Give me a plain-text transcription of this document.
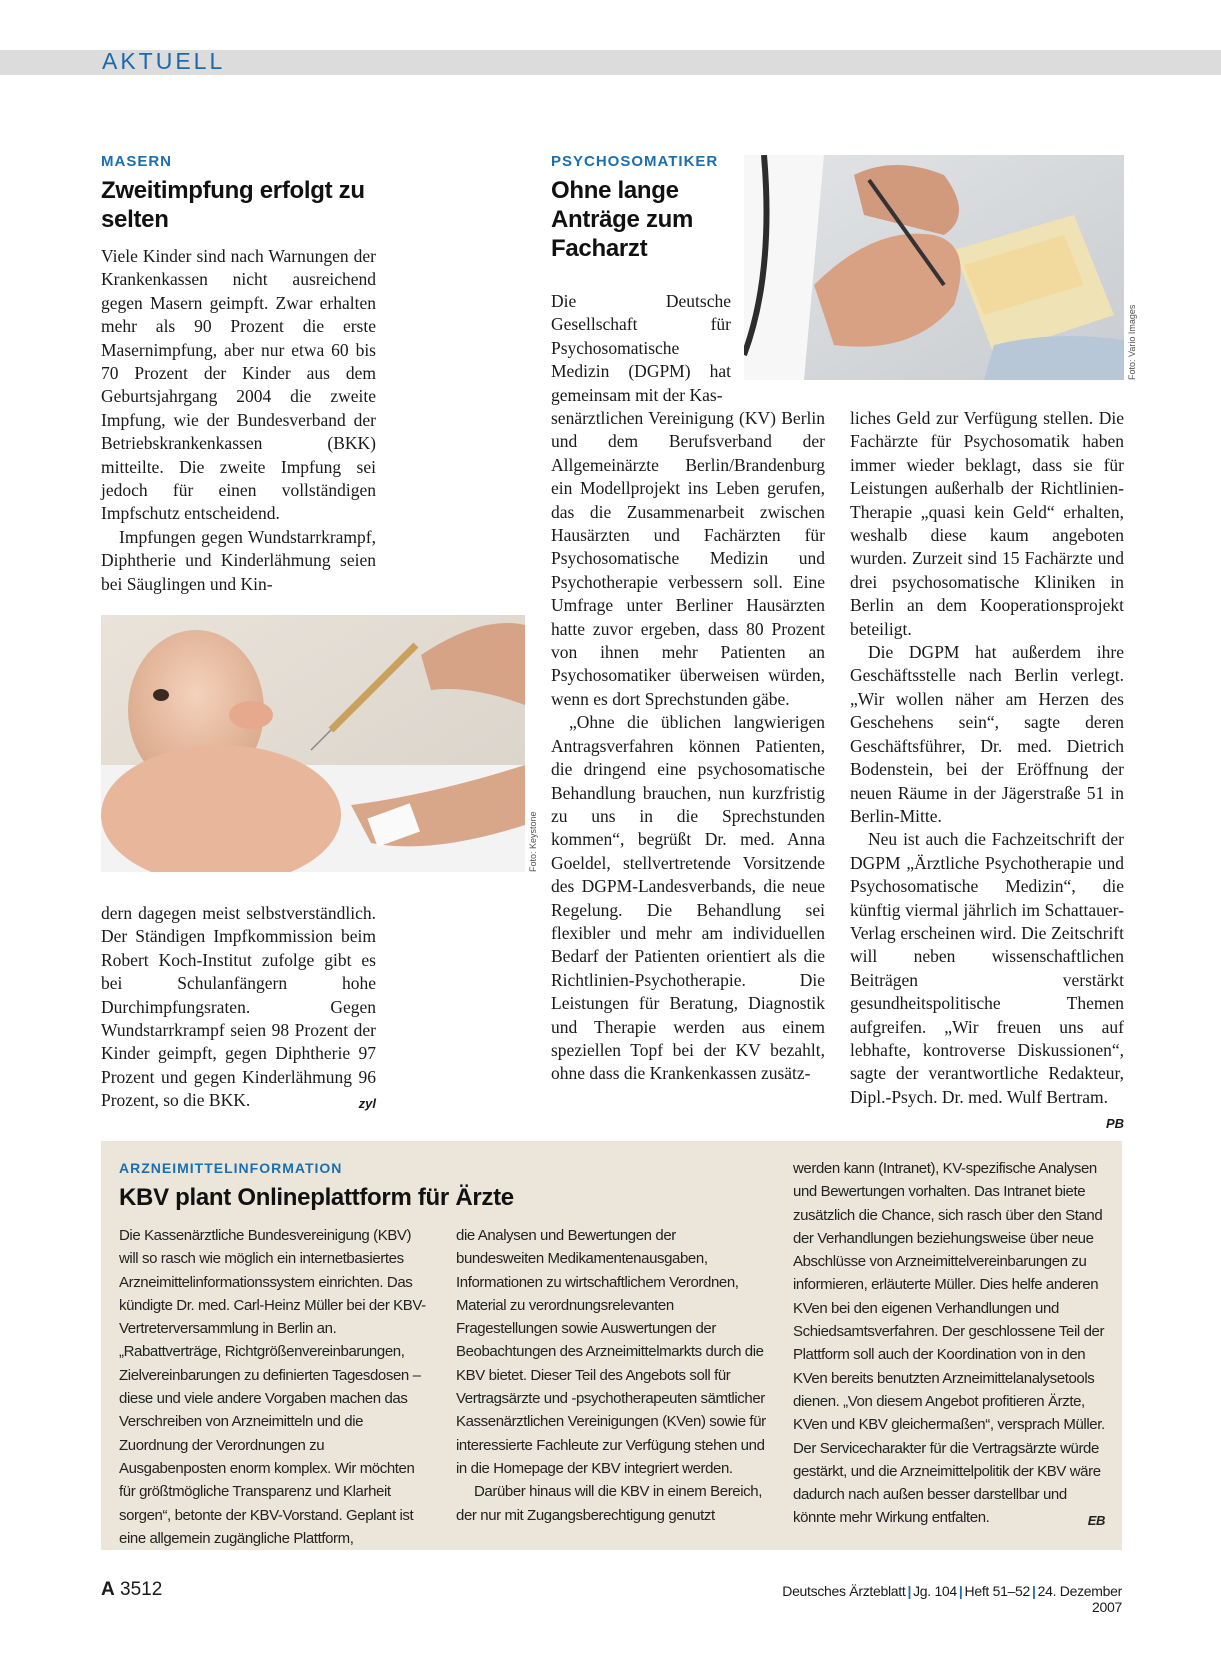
AKTUELL
MASERN
Zweitimpfung erfolgt zu selten

Viele Kinder sind nach Warnungen der Krankenkassen nicht ausreichend gegen Masern geimpft. Zwar erhalten mehr als 90 Prozent die erste Masernimpfung, aber nur etwa 60 bis 70 Prozent der Kinder aus dem Geburtsjahrgang 2004 die zweite Impfung, wie der Bundesverband der Betriebskrankenkassen (BKK) mitteilte. Die zweite Impfung sei jedoch für einen vollständigen Impfschutz entscheidend.

Impfungen gegen Wundstarrkrampf, Diphtherie und Kinderlähmung seien bei Säuglingen und Kin-

Foto: Keystone

dern dagegen meist selbstverständlich. Der Ständigen Impfkommission beim Robert Koch-Institut zufolge gibt es bei Schulanfängern hohe Durchimpfungsraten. Gegen Wundstarrkrampf seien 98 Prozent der Kinder geimpft, gegen Diphtherie 97 Prozent und gegen Kinderlähmung 96 Prozent, so die BKK.	zyl

PSYCHOSOMATIKER
Ohne lange Anträge zum Facharzt
Foto: Vario Images

Die Deutsche Gesellschaft für Psychosomatische Medizin (DGPM) hat gemeinsam mit der Kas-

senärztlichen Vereinigung (KV) Berlin und dem Berufsverband der Allgemeinärzte Berlin/Brandenburg ein Modellprojekt ins Leben gerufen, das die Zusammenarbeit zwischen Hausärzten und Fachärzten für Psychosomatische Medizin und Psychotherapie verbessern soll. Eine Umfrage unter Berliner Hausärzten hatte zuvor ergeben, dass 80 Prozent von ihnen mehr Patienten an Psychosomatiker überweisen würden, wenn es dort Sprechstunden gäbe.

„Ohne die üblichen langwierigen Antragsverfahren können Patienten, die dringend eine psychosomatische Behandlung brauchen, nun kurzfristig zu uns in die Sprechstunden kommen“, begrüßt Dr. med. Anna Goeldel, stellvertretende Vorsitzende des DGPM-Landesverbands, die neue Regelung. Die Behandlung sei flexibler und mehr am individuellen Bedarf der Patienten orientiert als die Richtlinien-Psychotherapie. Die Leistungen für Beratung, Diagnostik und Therapie werden aus einem speziellen Topf bei der KV bezahlt, ohne dass die Krankenkassen zusätz-

liches Geld zur Verfügung stellen. Die Fachärzte für Psychosomatik haben immer wieder beklagt, dass sie für Leistungen außerhalb der Richtlinien-Therapie „quasi kein Geld“ erhalten, weshalb diese kaum angeboten wurden. Zurzeit sind 15 Fachärzte und drei psychosomatische Kliniken in Berlin an dem Kooperationsprojekt beteiligt.

Die DGPM hat außerdem ihre Geschäftsstelle nach Berlin verlegt. „Wir wollen näher am Herzen des Geschehens sein“, sagte deren Geschäftsführer, Dr. med. Dietrich Bodenstein, bei der Eröffnung der neuen Räume in der Jägerstraße 51 in Berlin-Mitte.

Neu ist auch die Fachzeitschrift der DGPM „Ärztliche Psychotherapie und Psychosomatische Medizin“, die künftig viermal jährlich im Schattauer-Verlag erscheinen wird. Die Zeitschrift will neben wissenschaftlichen Beiträgen verstärkt gesundheitspolitische Themen aufgreifen. „Wir freuen uns auf lebhafte, kontroverse Diskussionen“, sagte der verantwortliche Redakteur, Dipl.-Psych. Dr. med. Wulf Bertram.
PB

ARZNEIMITTELINFORMATION
KBV plant Onlineplattform für Ärzte

Die Kassenärztliche Bundesvereinigung (KBV) will so rasch wie möglich ein internetbasiertes Arzneimittelinformationssystem einrichten. Das kündigte Dr. med. Carl-Heinz Müller bei der KBV-Vertreterversammlung in Berlin an. „Rabattverträge, Richtgrößenvereinbarungen, Zielvereinbarungen zu definierten Tagesdosen – diese und viele andere Vorgaben machen das Verschreiben von Arzneimitteln und die Zuordnung der Verordnungen zu Ausgabenposten enorm komplex. Wir möchten für größtmögliche Transparenz und Klarheit sorgen“, betonte der KBV-Vorstand. Geplant ist eine allgemein zugängliche Plattform,

die Analysen und Bewertungen der bundesweiten Medikamentenausgaben, Informationen zu wirtschaftlichem Verordnen, Material zu verordnungsrelevanten Fragestellungen sowie Auswertungen der Beobachtungen des Arzneimittelmarkts durch die KBV bietet. Dieser Teil des Angebots soll für Vertragsärzte und -psychotherapeuten sämtlicher Kassenärztlichen Vereinigungen (KVen) sowie für interessierte Fachleute zur Verfügung stehen und in die Homepage der KBV integriert werden.

Darüber hinaus will die KBV in einem Bereich, der nur mit Zugangsberechtigung genutzt

werden kann (Intranet), KV-spezifische Analysen und Bewertungen vorhalten. Das Intranet biete zusätzlich die Chance, sich rasch über den Stand der Verhandlungen beziehungsweise über neue Abschlüsse von Arzneimittelvereinbarungen zu informieren, erläuterte Müller. Dies helfe anderen KVen bei den eigenen Verhandlungen und Schiedsamtsverfahren. Der geschlossene Teil der Plattform soll auch der Koordination von in den KVen bereits benutzten Arzneimittelanalysetools dienen. „Von diesem Angebot profitieren Ärzte, KVen und KBV gleichermaßen“, versprach Müller. Der Servicecharakter für die Vertragsärzte würde gestärkt, und die Arzneimittelpolitik der KBV wäre dadurch nach außen besser darstellbar und könnte mehr Wirkung entfalten.	EB

A 3512	Deutsches Ärzteblatt | Jg. 104 | Heft 51–52 | 24. Dezember 2007
